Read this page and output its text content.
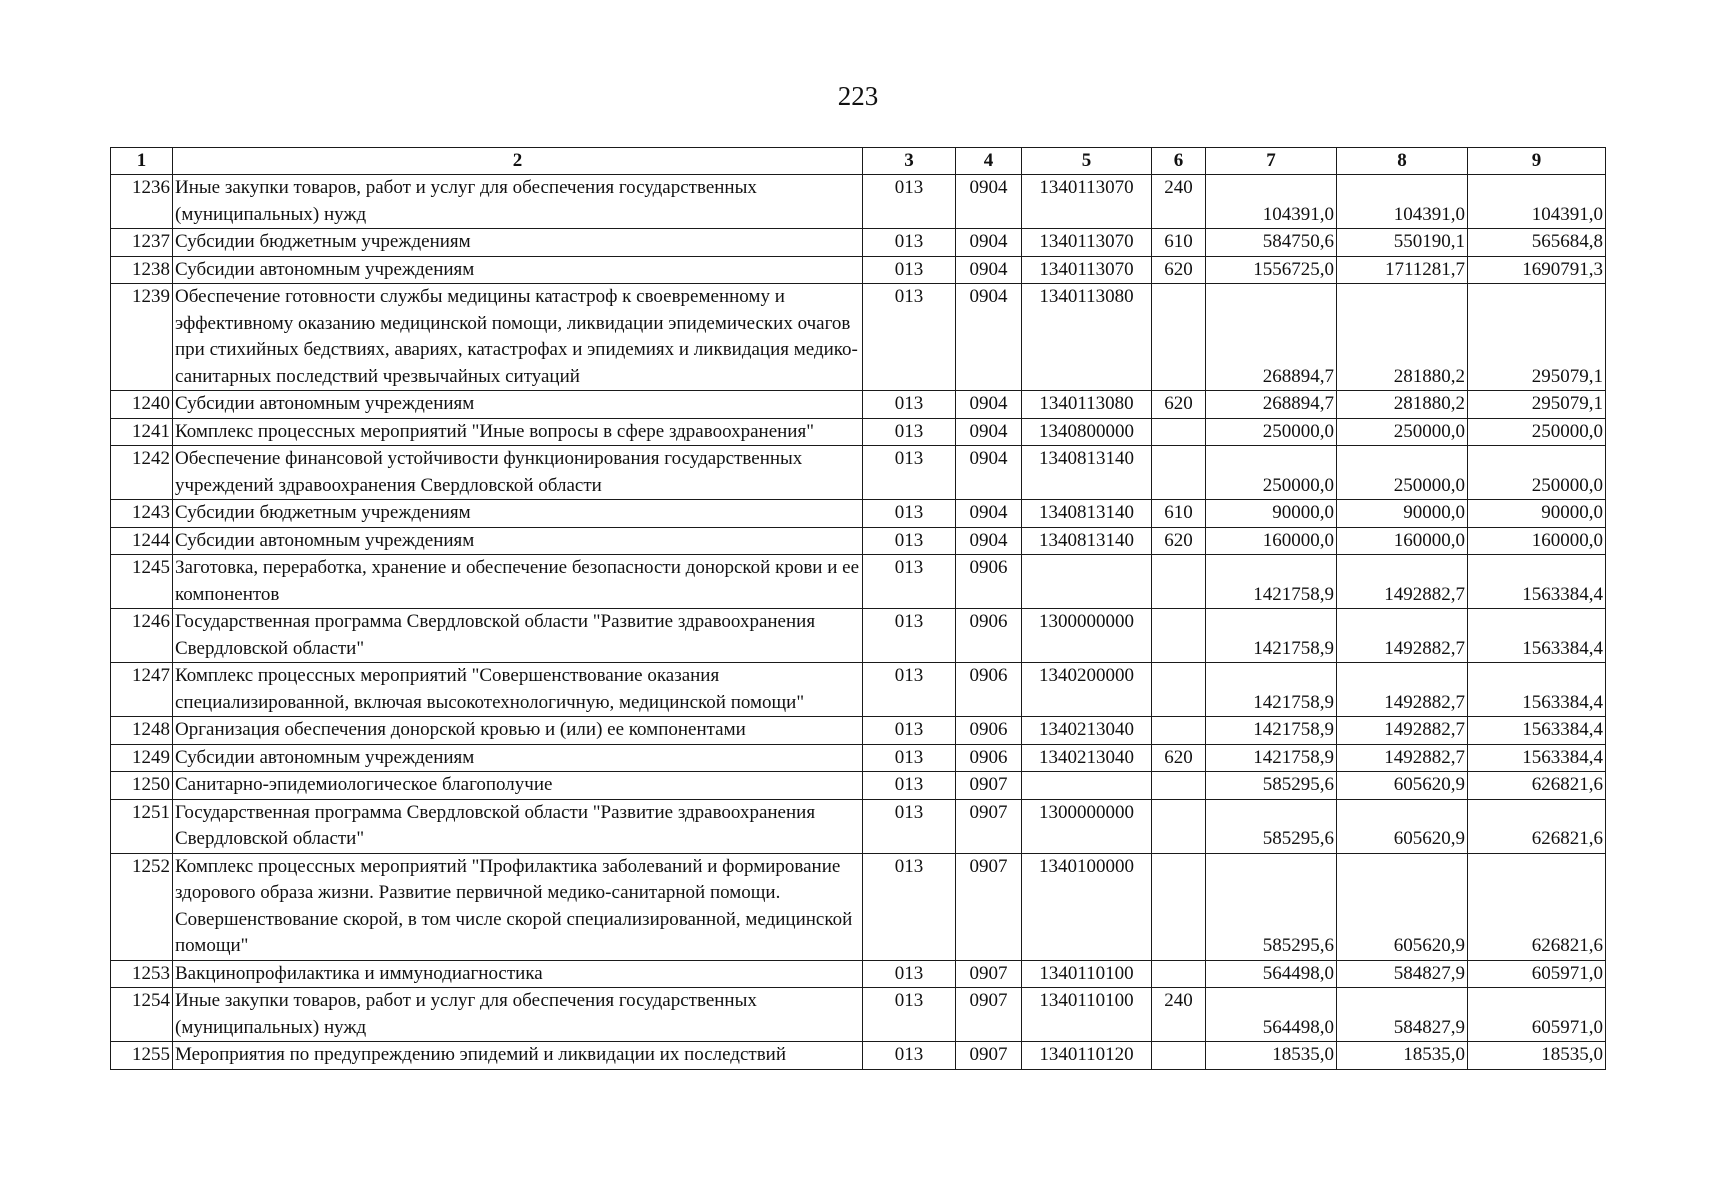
223
1	2	3	4	5	6	7	8	9
1236	Иные закупки товаров, работ и услуг для обеспечения государственных (муниципальных) нужд	013	0904	1340113070	240	104391,0	104391,0	104391,0
1237	Субсидии бюджетным учреждениям	013	0904	1340113070	610	584750,6	550190,1	565684,8
1238	Субсидии автономным учреждениям	013	0904	1340113070	620	1556725,0	1711281,7	1690791,3
1239	Обеспечение готовности службы медицины катастроф к своевременному и эффективному оказанию медицинской помощи, ликвидации эпидемических очагов при стихийных бедствиях, авариях, катастрофах и эпидемиях и ликвидация медико-санитарных последствий чрезвычайных ситуаций	013	0904	1340113080		268894,7	281880,2	295079,1
1240	Субсидии автономным учреждениям	013	0904	1340113080	620	268894,7	281880,2	295079,1
1241	Комплекс процессных мероприятий "Иные вопросы в сфере здравоохранения"	013	0904	1340800000		250000,0	250000,0	250000,0
1242	Обеспечение финансовой устойчивости функционирования государственных учреждений здравоохранения Свердловской области	013	0904	1340813140		250000,0	250000,0	250000,0
1243	Субсидии бюджетным учреждениям	013	0904	1340813140	610	90000,0	90000,0	90000,0
1244	Субсидии автономным учреждениям	013	0904	1340813140	620	160000,0	160000,0	160000,0
1245	Заготовка, переработка, хранение и обеспечение безопасности донорской крови и ее компонентов	013	0906			1421758,9	1492882,7	1563384,4
1246	Государственная программа Свердловской области "Развитие здравоохранения Свердловской области"	013	0906	1300000000		1421758,9	1492882,7	1563384,4
1247	Комплекс процессных мероприятий "Совершенствование оказания специализированной, включая высокотехнологичную, медицинской помощи"	013	0906	1340200000		1421758,9	1492882,7	1563384,4
1248	Организация обеспечения донорской кровью и (или) ее компонентами	013	0906	1340213040		1421758,9	1492882,7	1563384,4
1249	Субсидии автономным учреждениям	013	0906	1340213040	620	1421758,9	1492882,7	1563384,4
1250	Санитарно-эпидемиологическое благополучие	013	0907			585295,6	605620,9	626821,6
1251	Государственная программа Свердловской области "Развитие здравоохранения Свердловской области"	013	0907	1300000000		585295,6	605620,9	626821,6
1252	Комплекс процессных мероприятий "Профилактика заболеваний и формирование здорового образа жизни. Развитие первичной медико-санитарной помощи. Совершенствование скорой, в том числе скорой специализированной, медицинской помощи"	013	0907	1340100000		585295,6	605620,9	626821,6
1253	Вакцинопрофилактика и иммунодиагностика	013	0907	1340110100		564498,0	584827,9	605971,0
1254	Иные закупки товаров, работ и услуг для обеспечения государственных (муниципальных) нужд	013	0907	1340110100	240	564498,0	584827,9	605971,0
1255	Мероприятия по предупреждению эпидемий и ликвидации их последствий	013	0907	1340110120		18535,0	18535,0	18535,0
